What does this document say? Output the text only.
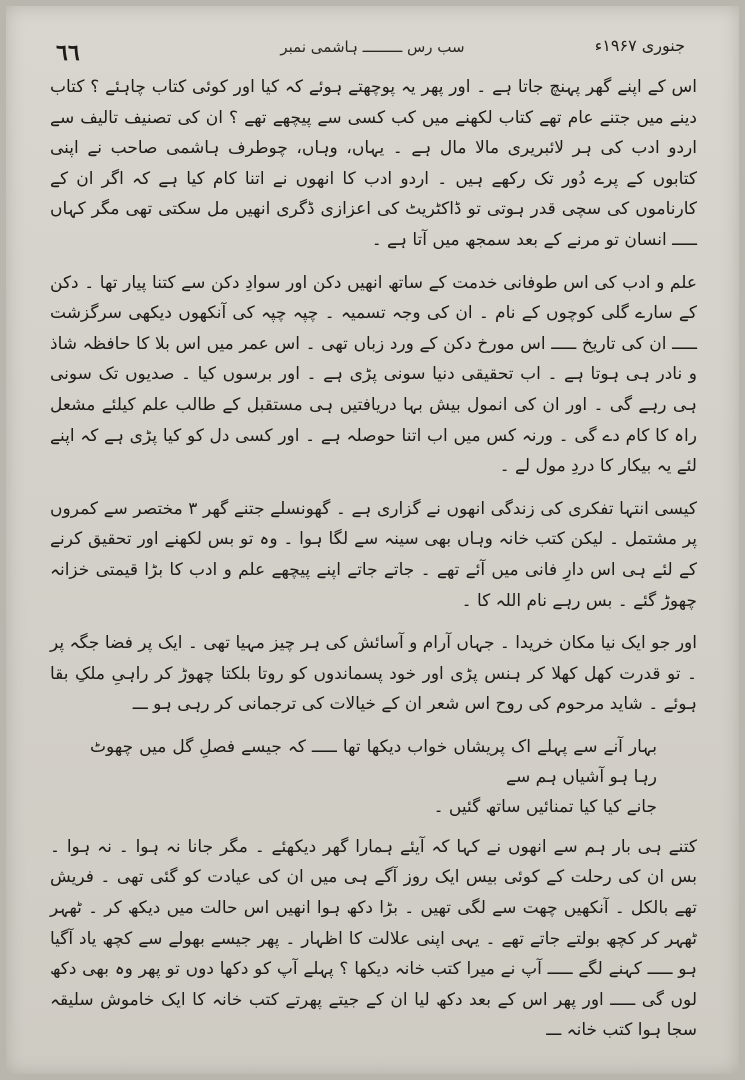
٦٦	سب رس ـــــــــ ہاشمی نمبر	جنوری ۱۹۶۷ء

اس کے اپنے گھر پہنچ جاتا ہے ۔ اور پھر یہ پوچھتے ہوئے کہ کیا اور کوئی کتاب چاہئے ؟ کتاب دینے میں جتنے عام تھے کتاب لکھنے میں کب کسی سے پیچھے تھے ؟ ان کی تصنیف تالیف سے اردو ادب کی ہر لائبریری مالا مال ہے ۔ یہاں، وہاں، چوطرف ہاشمی صاحب نے اپنی کتابوں کے پرے دُور تک رکھے ہیں ۔ اردو ادب کا انھوں نے اتنا کام کیا ہے کہ اگر ان کے کارناموں کی سچی قدر ہوتی تو ڈاکٹریٹ کی اعزازی ڈگری انھیں مل سکتی تھی مگر کہاں ـــــ انسان تو مرنے کے بعد سمجھ میں آتا ہے ۔

علم و ادب کی اس طوفانی خدمت کے ساتھ انھیں دکن اور سوادِ دکن سے کتنا پیار تھا ۔ دکن کے سارے گلی کوچوں کے نام ۔ ان کی وجہ تسمیہ ۔ چپہ چپہ کی آنکھوں دیکھی سرگزشت ـــــ ان کی تاریخ ـــــ اس مورخ دکن کے ورد زباں تھی ۔ اس عمر میں اس بلا کا حافظہ شاذ و نادر ہی ہوتا ہے ۔ اب تحقیقی دنیا سونی پڑی ہے ۔ اور برسوں کیا ۔ صدیوں تک سونی ہی رہے گی ۔ اور ان کی انمول بیش بہا دریافتیں ہی مستقبل کے طالب علم کیلئے مشعل راہ کا کام دے گی ۔ ورنہ کس میں اب اتنا حوصلہ ہے ۔ اور کسی دل کو کیا پڑی ہے کہ اپنے لئے یہ بیکار کا دردِ مول لے ۔

کیسی انتہا تفکری کی زندگی انھوں نے گزاری ہے ۔ گھونسلے جتنے گھر ۳ مختصر سے کمروں پر مشتمل ۔ لیکن کتب خانہ وہاں بھی سینہ سے لگا ہوا ۔ وہ تو بس لکھنے اور تحقیق کرنے کے لئے ہی اس دارِ فانی میں آئے تھے ۔ جاتے جاتے اپنے پیچھے علم و ادب کا بڑا قیمتی خزانہ چھوڑ گئے ۔ بس رہے نام اللہ کا ۔

اور جو ایک نیا مکان خریدا ۔ جہاں آرام و آسائش کی ہر چیز مہیا تھی ۔ ایک پر فضا جگہ پر ۔ تو قدرت کھل کھلا کر ہنس پڑی اور خود پسماندوں کو روتا بلکتا چھوڑ کر راہیِ ملکِ بقا ہوئے ۔ شاید مرحوم کی روح اس شعر ان کے خیالات کی ترجمانی کر رہی ہو ـــ

بہار آنے سے پہلے اک پریشاں خواب دیکھا تھا ـــــ کہ جیسے فصلِ گل میں چھوٹ رہا ہو آشیاں ہم سے
جانے کیا کیا تمنائیں ساتھ گئیں ۔

کتنے ہی بار ہم سے انھوں نے کہا کہ آیئے ہمارا گھر دیکھئے ۔ مگر جانا نہ ہوا ۔ نہ ہوا ۔ بس ان کی رحلت کے کوئی بیس ایک روز آگے ہی میں ان کی عیادت کو گئی تھی ۔ فریش تھے بالکل ۔ آنکھیں چھت سے لگی تھیں ۔ بڑا دکھ ہوا انھیں اس حالت میں دیکھ کر ۔ ٹھہر ٹھہر کر کچھ بولتے جاتے تھے ۔ یہی اپنی علالت کا اظہار ۔ پھر جیسے بھولے سے کچھ یاد آگیا ہو ـــــ کہنے لگے ـــــ آپ نے میرا کتب خانہ دیکھا ؟ پہلے آپ کو دکھا دوں تو پھر وہ بھی دکھ لوں گی ـــــ اور پھر اس کے بعد دکھ لیا ان کے جیتے پھرتے کتب خانہ کا ایک خاموش سلیقہ سجا ہوا کتب خانہ ـــ
